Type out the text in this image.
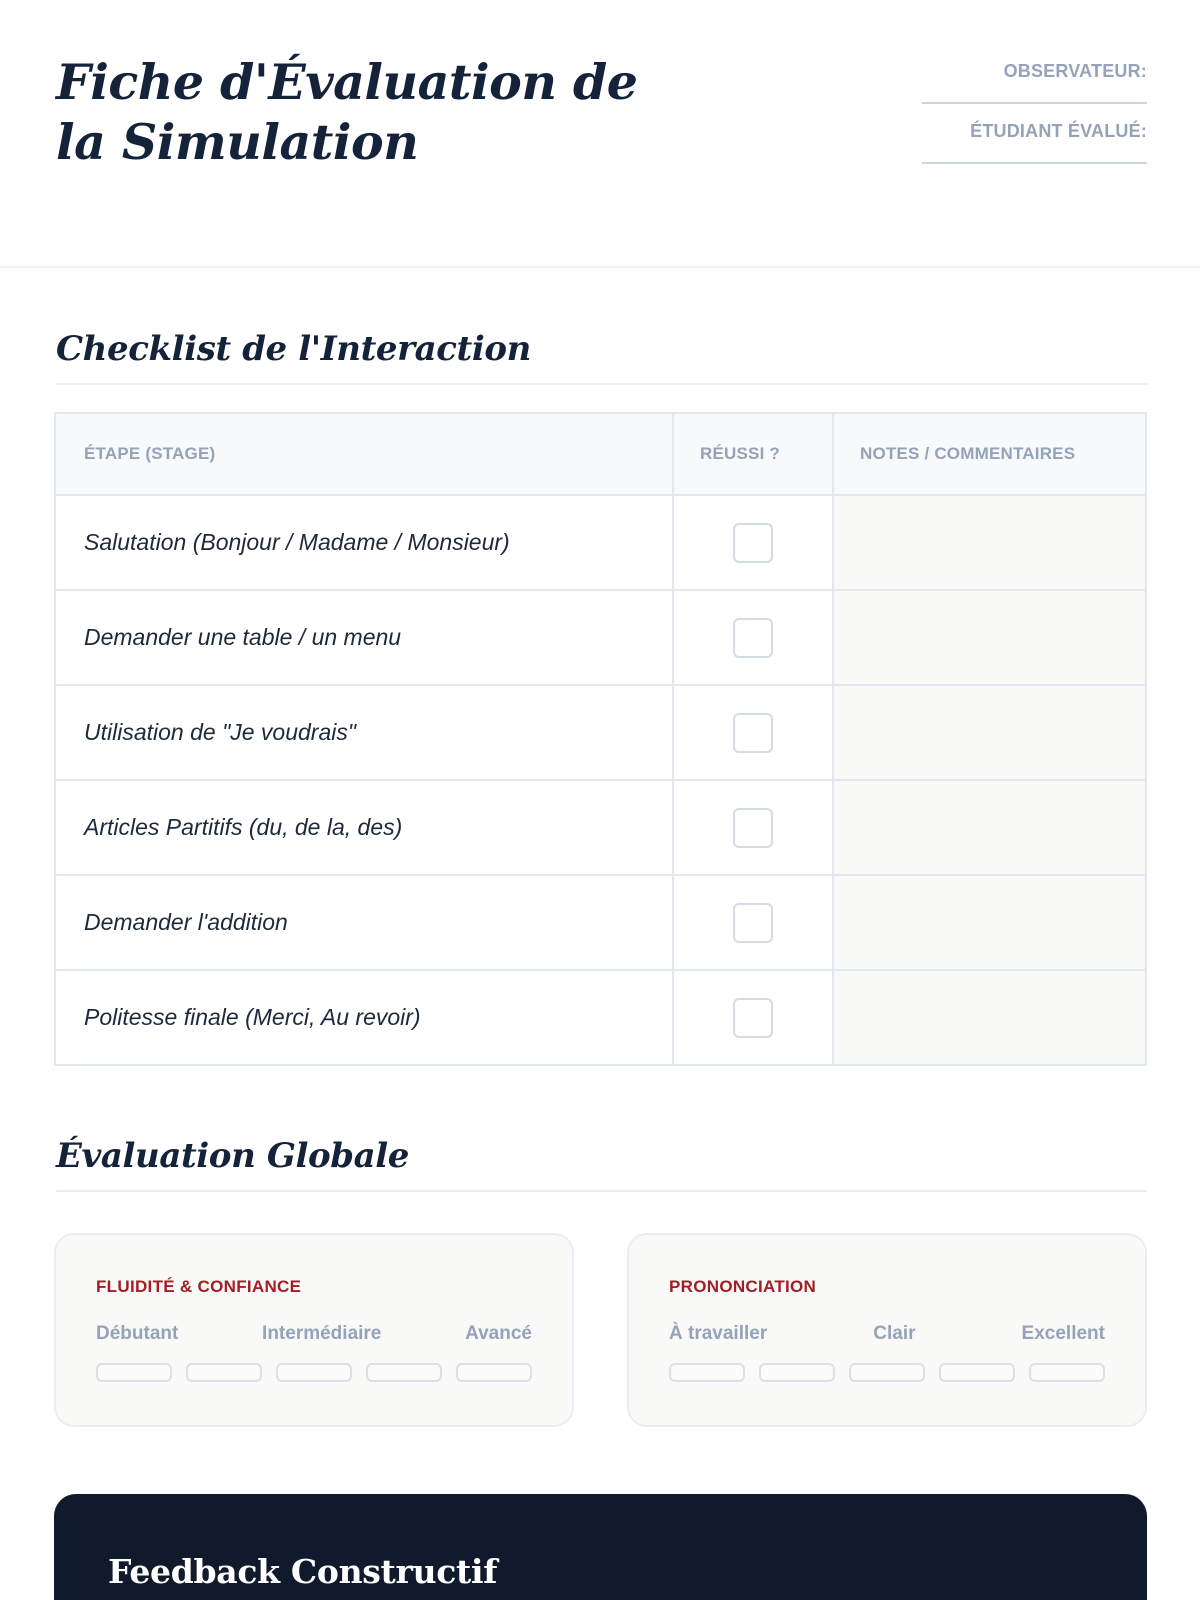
Fiche d'Évaluation de la Simulation
OBSERVATEUR:
ÉTUDIANT ÉVALUÉ:
Checklist de l'Interaction
ÉTAPE (STAGE)	RÉUSSI ?	NOTES / COMMENTAIRES
Salutation (Bonjour / Madame / Monsieur)
Demander une table / un menu
Utilisation de "Je voudrais"
Articles Partitifs (du, de la, des)
Demander l'addition
Politesse finale (Merci, Au revoir)
Évaluation Globale
FLUIDITÉ & CONFIANCE
Débutant	Intermédiaire	Avancé
PRONONCIATION
À travailler	Clair	Excellent
Feedback Constructif
